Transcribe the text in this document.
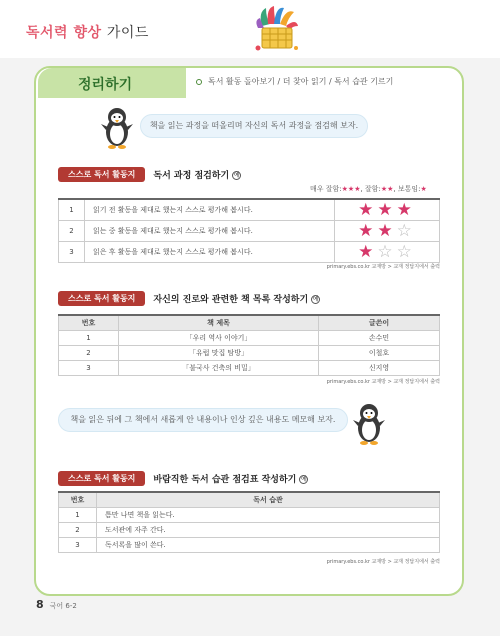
독서력 향상 가이드
정리하기	독서 활동 돌아보기 / 더 찾아 읽기 / 독서 습관 기르기
책을 읽는 과정을 떠올리며 자신의 독서 과정을 점검해 보자.
스스로 독서 활동지	독서 과정 점검하기 예
매우 잘함:★★★, 잘함:★★, 보통임:★
1	읽기 전 활동을 제대로 했는지 스스로 평가해 봅시다.	★★★
2	읽는 중 활동을 제대로 했는지 스스로 평가해 봅시다.	★★☆
3	읽은 후 활동을 제대로 했는지 스스로 평가해 봅시다.	★☆☆
primary.ebs.co.kr 교재방 > 교재 정답지에서 출력
스스로 독서 활동지	자신의 진로와 관련한 책 목록 작성하기 예
번호	책 제목	글쓴이
1	「우리 역사 이야기」	손수민
2	「유럽 맛집 탐방」	이철호
3	「불국사 건축의 비밀」	신지영
primary.ebs.co.kr 교재방 > 교재 정답지에서 출력
책을 읽은 뒤에 그 책에서 새롭게 안 내용이나 인상 깊은 내용도 메모해 보자.
스스로 독서 활동지	바람직한 독서 습관 점검표 작성하기 예
번호	독서 습관
1	틈만 나면 책을 읽는다.
2	도서관에 자주 간다.
3	독서록을 많이 쓴다.
primary.ebs.co.kr 교재방 > 교재 정답지에서 출력
8 국어 6-2
